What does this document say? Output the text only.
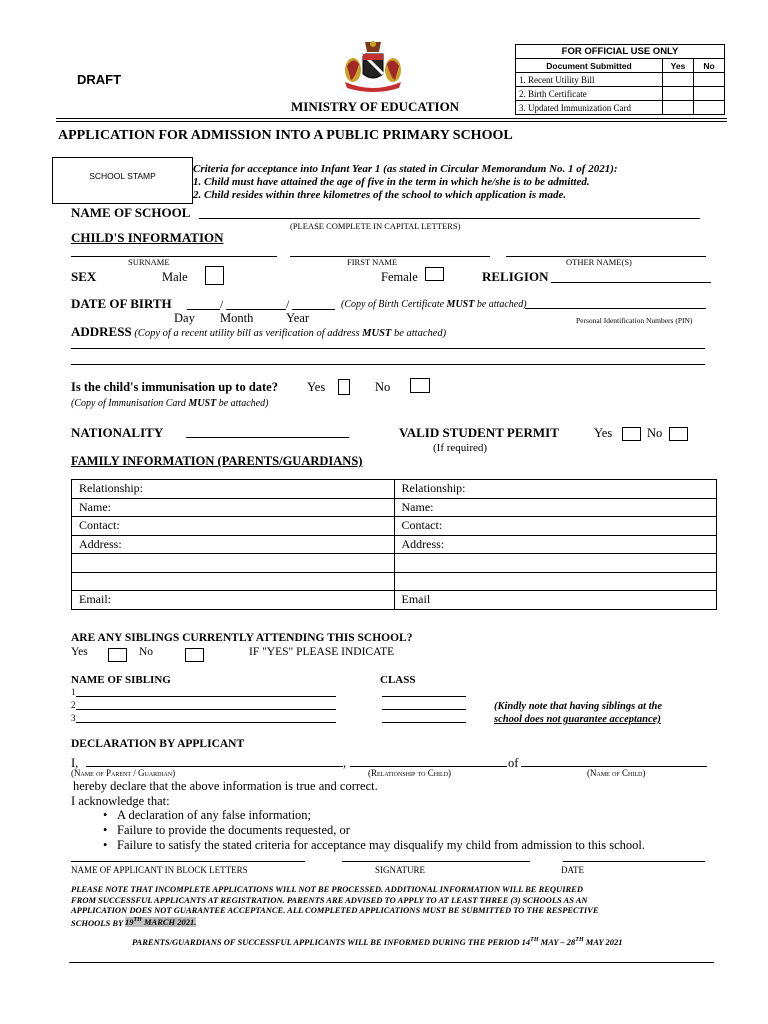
DRAFT
FOR OFFICIAL USE ONLY		
Document Submitted	Yes	No
1. Recent Utility Bill		
2. Birth Certificate		
3. Updated Immunization Card		
MINISTRY OF EDUCATION
APPLICATION FOR ADMISSION INTO A PUBLIC PRIMARY SCHOOL
SCHOOL STAMP
Criteria for acceptance into Infant Year 1 (as stated in Circular Memorandum No. 1 of 2021):
1. Child must have attained the age of five in the term in which he/she is to be admitted.
2. Child resides within three kilometres of the school to which application is made.
NAME OF SCHOOL
(PLEASE COMPLETE IN CAPITAL LETTERS)
CHILD'S INFORMATION
SURNAME	FIRST NAME	OTHER NAME(S)
SEX	Male	Female	RELIGION
DATE OF BIRTH	/	/	(Copy of Birth Certificate MUST be attached)
Day Month	Year	Personal Identification Numbers (PIN)
ADDRESS (Copy of a recent utility bill as verification of address MUST be attached)
Is the child's immunisation up to date? Yes	No
(Copy of Immunisation Card MUST be attached)
NATIONALITY	VALID STUDENT PERMIT	Yes	No
(If required)
FAMILY INFORMATION (PARENTS/GUARDIANS)
Relationship:	Relationship:
Name:	Name:
Contact:	Contact:
Address:	Address:

Email:	Email
ARE ANY SIBLINGS CURRENTLY ATTENDING THIS SCHOOL?
Yes	No	IF "YES" PLEASE INDICATE
NAME OF SIBLING	CLASS
1
2
3
(Kindly note that having siblings at the
school does not guarantee acceptance)
DECLARATION BY APPLICANT
I,	,	of
(Name of Parent / Guardian)	(Relationship to Child)	(Name of Child)
hereby declare that the above information is true and correct.
I acknowledge that:
• A declaration of any false information;
• Failure to provide the documents requested, or
• Failure to satisfy the stated criteria for acceptance may disqualify my child from admission to this school.
NAME OF APPLICANT IN BLOCK LETTERS	SIGNATURE	DATE
PLEASE NOTE THAT INCOMPLETE APPLICATIONS WILL NOT BE PROCESSED. ADDITIONAL INFORMATION WILL BE REQUIRED
FROM SUCCESSFUL APPLICANTS AT REGISTRATION. PARENTS ARE ADVISED TO APPLY TO AT LEAST THREE (3) SCHOOLS AS AN
APPLICATION DOES NOT GUARANTEE ACCEPTANCE. ALL COMPLETED APPLICATIONS MUST BE SUBMITTED TO THE RESPECTIVE
SCHOOLS BY 19TH MARCH 2021.
PARENTS/GUARDIANS OF SUCCESSFUL APPLICANTS WILL BE INFORMED DURING THE PERIOD 14TH MAY – 28TH MAY 2021
